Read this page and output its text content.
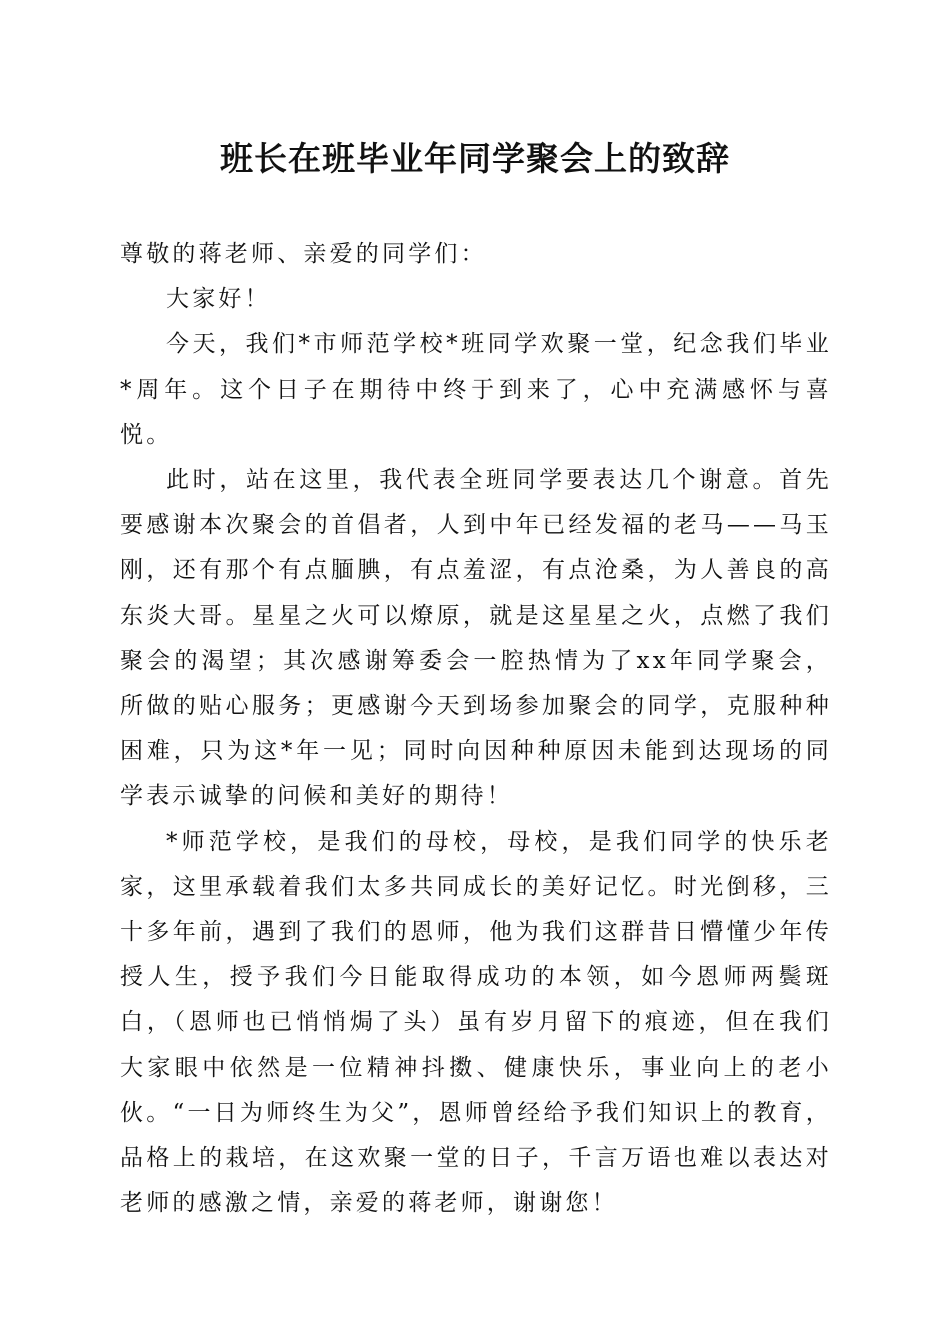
班长在班毕业年同学聚会上的致辞

尊敬的蒋老师、亲爱的同学们：

大家好！

今天，我们*市师范学校*班同学欢聚一堂，纪念我们毕业*周年。这个日子在期待中终于到来了，心中充满感怀与喜悦。

此时，站在这里，我代表全班同学要表达几个谢意。首先要感谢本次聚会的首倡者，人到中年已经发福的老马——马玉刚，还有那个有点腼腆，有点羞涩，有点沧桑，为人善良的高东炎大哥。星星之火可以燎原，就是这星星之火，点燃了我们聚会的渴望；其次感谢筹委会一腔热情为了xx年同学聚会，所做的贴心服务；更感谢今天到场参加聚会的同学，克服种种困难，只为这*年一见；同时向因种种原因未能到达现场的同学表示诚挚的问候和美好的期待！

*师范学校，是我们的母校，母校，是我们同学的快乐老家，这里承载着我们太多共同成长的美好记忆。时光倒移，三十多年前，遇到了我们的恩师，他为我们这群昔日懵懂少年传授人生，授予我们今日能取得成功的本领，如今恩师两鬓斑白，（恩师也已悄悄焗了头）虽有岁月留下的痕迹，但在我们大家眼中依然是一位精神抖擞、健康快乐，事业向上的老小伙。“一日为师终生为父”，恩师曾经给予我们知识上的教育，品格上的栽培，在这欢聚一堂的日子，千言万语也难以表达对老师的感激之情，亲爱的蒋老师，谢谢您！
